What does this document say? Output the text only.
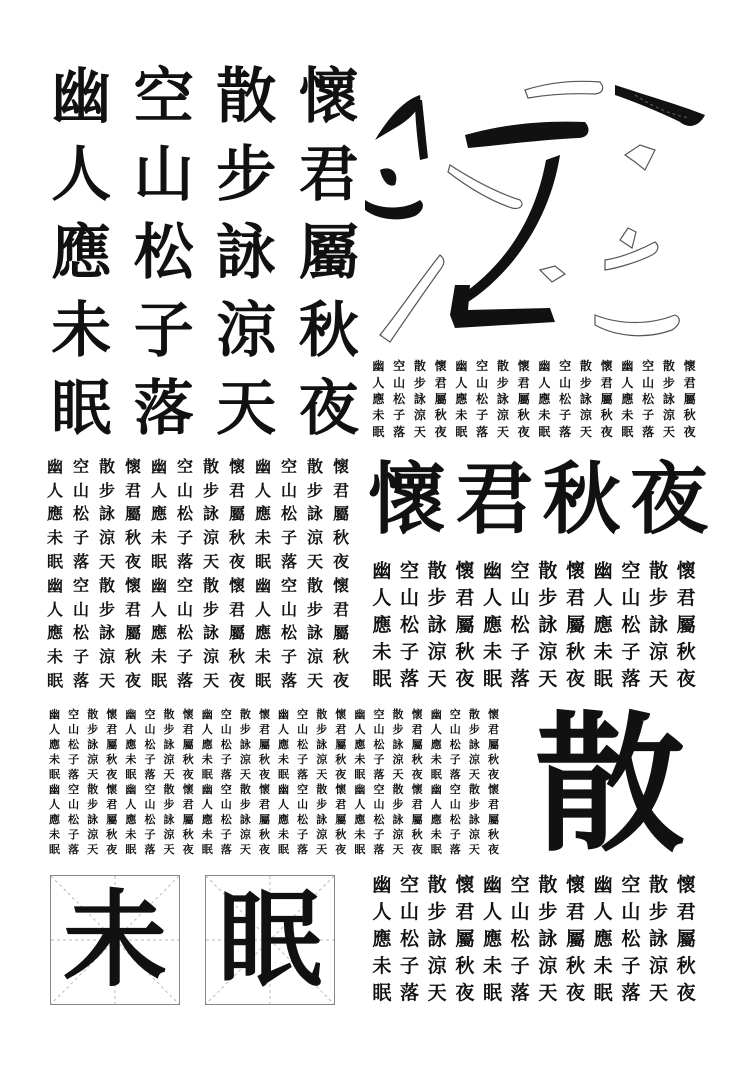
幽 空 散 懷
人 山 步 君
應 松 詠 屬
未 子 涼 秋
眠 落 天 夜
幽 空 散 懷 幽 空 散 懷 幽 空 散 懷 幽 空 散 懷
人 山 步 君 人 山 步 君 人 山 步 君 人 山 步 君
應 松 詠 屬 應 松 詠 屬 應 松 詠 屬 應 松 詠 屬
未 子 涼 秋 未 子 涼 秋 未 子 涼 秋 未 子 涼 秋
眠 落 天 夜 眠 落 天 夜 眠 落 天 夜 眠 落 天 夜
幽 空 散 懷 幽 空 散 懷 幽 空 散 懷
人 山 步 君 人 山 步 君 人 山 步 君
應 松 詠 屬 應 松 詠 屬 應 松 詠 屬
未 子 涼 秋 未 子 涼 秋 未 子 涼 秋
眠 落 天 夜 眠 落 天 夜 眠 落 天 夜
幽 空 散 懷 幽 空 散 懷 幽 空 散 懷
人 山 步 君 人 山 步 君 人 山 步 君
應 松 詠 屬 應 松 詠 屬 應 松 詠 屬
未 子 涼 秋 未 子 涼 秋 未 子 涼 秋
眠 落 天 夜 眠 落 天 夜 眠 落 天 夜
懷 君 秋 夜
幽 空 散 懷 幽 空 散 懷 幽 空 散 懷
人 山 步 君 人 山 步 君 人 山 步 君
應 松 詠 屬 應 松 詠 屬 應 松 詠 屬
未 子 涼 秋 未 子 涼 秋 未 子 涼 秋
眠 落 天 夜 眠 落 天 夜 眠 落 天 夜
幽 空 散 懷 幽 空 散 懷 幽 空 散 懷 幽 空 散 懷 幽 空 散 懷 幽 空 散 懷
人 山 步 君 人 山 步 君 人 山 步 君 人 山 步 君 人 山 步 君 人 山 步 君
應 松 詠 屬 應 松 詠 屬 應 松 詠 屬 應 松 詠 屬 應 松 詠 屬 應 松 詠 屬
未 子 涼 秋 未 子 涼 秋 未 子 涼 秋 未 子 涼 秋 未 子 涼 秋 未 子 涼 秋
眠 落 天 夜 眠 落 天 夜 眠 落 天 夜 眠 落 天 夜 眠 落 天 夜 眠 落 天 夜
幽 空 散 懷 幽 空 散 懷 幽 空 散 懷 幽 空 散 懷 幽 空 散 懷 幽 空 散 懷
人 山 步 君 人 山 步 君 人 山 步 君 人 山 步 君 人 山 步 君 人 山 步 君
應 松 詠 屬 應 松 詠 屬 應 松 詠 屬 應 松 詠 屬 應 松 詠 屬 應 松 詠 屬
未 子 涼 秋 未 子 涼 秋 未 子 涼 秋 未 子 涼 秋 未 子 涼 秋 未 子 涼 秋
眠 落 天 夜 眠 落 天 夜 眠 落 天 夜 眠 落 天 夜 眠 落 天 夜 眠 落 天 夜 散
未 眠	幽 空 散 懷 幽 空 散 懷 幽 空 散 懷
人 山 步 君 人 山 步 君 人 山 步 君
應 松 詠 屬 應 松 詠 屬 應 松 詠 屬
未 子 涼 秋 未 子 涼 秋 未 子 涼 秋
眠 落 天 夜 眠 落 天 夜 眠 落 天 夜
